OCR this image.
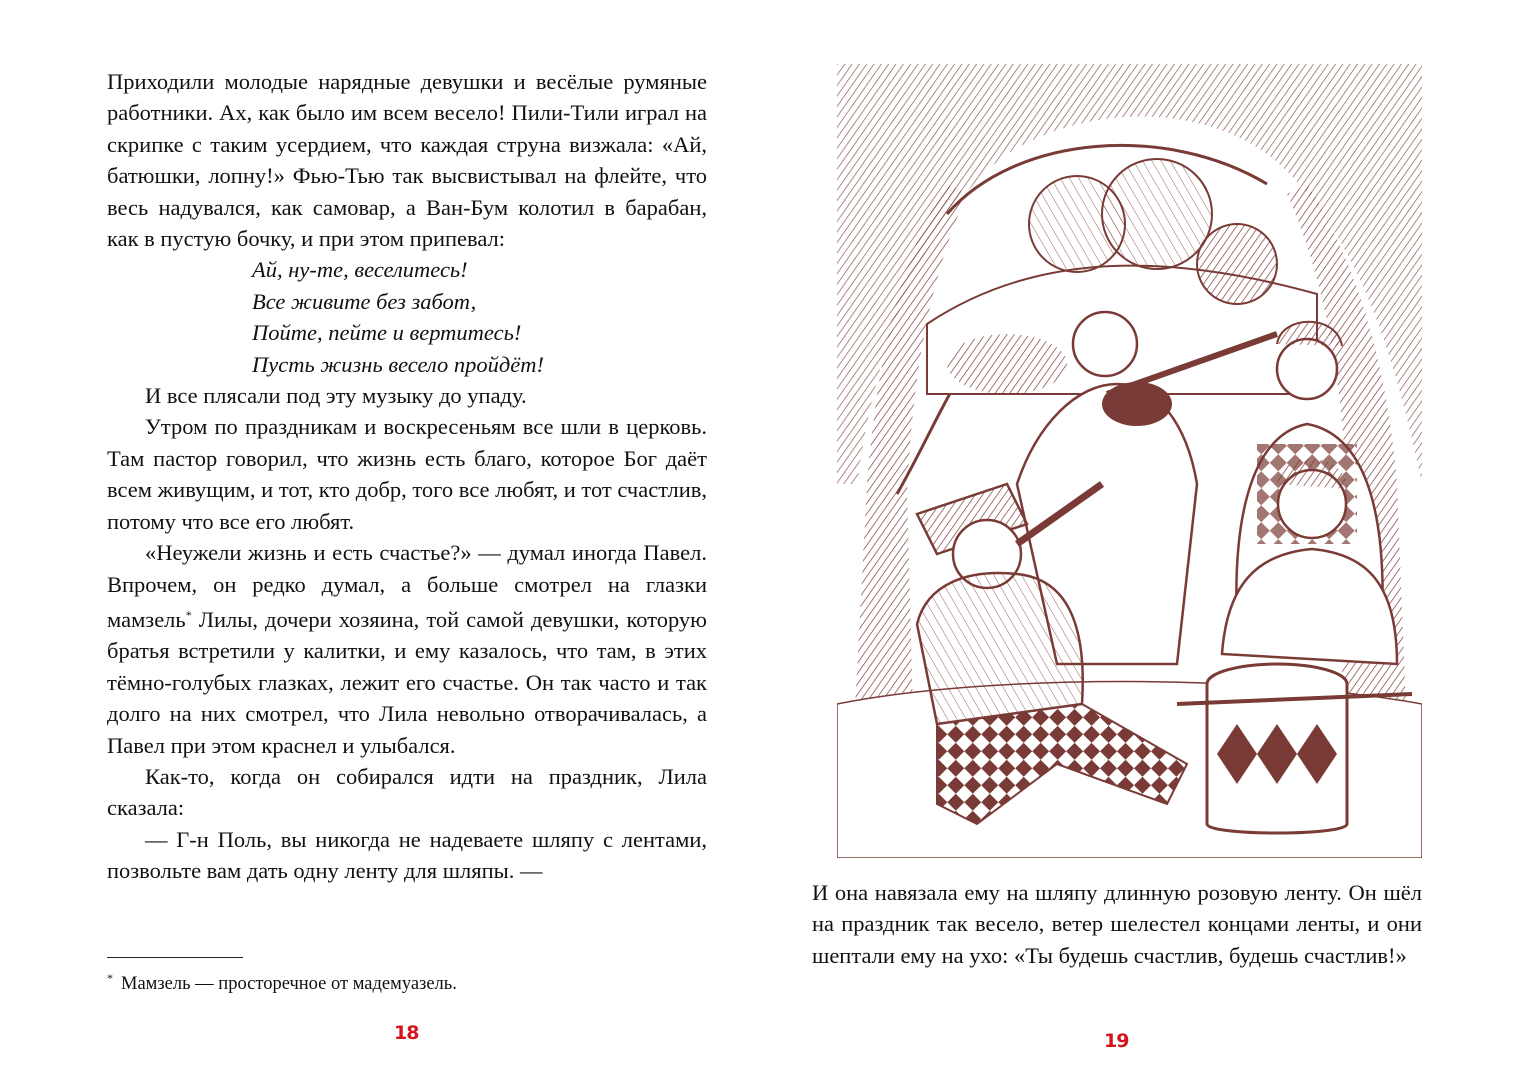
Приходили молодые нарядные девушки и весёлые румяные работники. Ах, как было им всем весело! Пили-Тили играл на скрипке с таким усердием, что каждая струна визжала: «Ай, батюшки, лопну!» Фью-Тью так высвистывал на флейте, что весь надувался, как самовар, а Ван-Бум колотил в барабан, как в пустую бочку, и при этом припевал:

Ай, ну-те, веселитесь!
Все живите без забот,
Пойте, пейте и вертитесь!
Пусть жизнь весело пройдёт!

И все плясали под эту музыку до упаду.

Утром по праздникам и воскресеньям все шли в церковь. Там пастор говорил, что жизнь есть благо, которое Бог даёт всем живущим, и тот, кто добр, того все любят, и тот счастлив, потому что все его любят.

«Неужели жизнь и есть счастье?» — думал иногда Павел. Впрочем, он редко думал, а больше смотрел на глазки мамзель* Лилы, дочери хозяина, той самой девушки, которую братья встретили у калитки, и ему казалось, что там, в этих тёмно-голубых глазках, лежит его счастье. Он так часто и так долго на них смотрел, что Лила невольно отворачивалась, а Павел при этом краснел и улыбался.

Как-то, когда он собирался идти на праздник, Лила сказала:

— Г-н Поль, вы никогда не надеваете шляпу с лентами, позвольте вам дать одну ленту для шляпы. —

* Мамзель — просторечное от мадемуазель.
18

И она навязала ему на шляпу длинную розовую ленту. Он шёл на праздник так весело, ветер шелестел концами ленты, и они шептали ему на ухо: «Ты будешь счастлив, будешь счастлив!»

19
